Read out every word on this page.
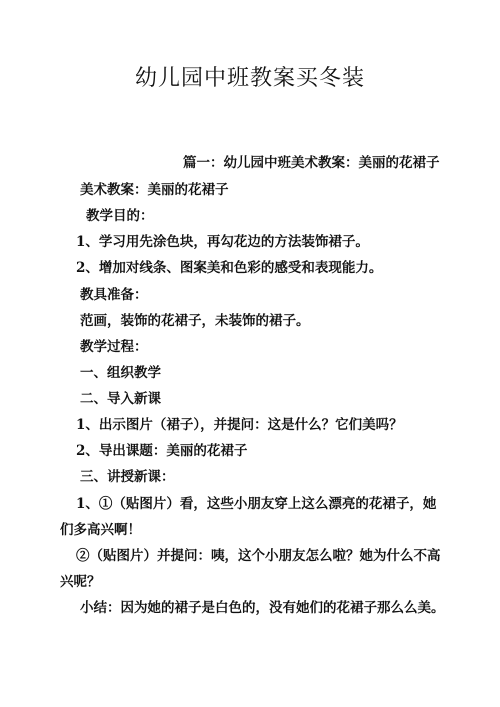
幼儿园中班教案买冬装
篇一：幼儿园中班美术教案：美丽的花裙子
美术教案：美丽的花裙子
教学目的：
1、学习用先涂色块，再勾花边的方法装饰裙子。
2、增加对线条、图案美和色彩的感受和表现能力。
教具准备：
范画，装饰的花裙子，未装饰的裙子。
教学过程：
一、组织教学
二、导入新课
1、出示图片（裙子），并提问：这是什么？它们美吗？
2、导出课题：美丽的花裙子
三、讲授新课：
1、①（贴图片）看，这些小朋友穿上这么漂亮的花裙子，她
们多高兴啊！
②（贴图片）并提问：咦，这个小朋友怎么啦？她为什么不高
兴呢？
小结：因为她的裙子是白色的，没有她们的花裙子那么么美。
